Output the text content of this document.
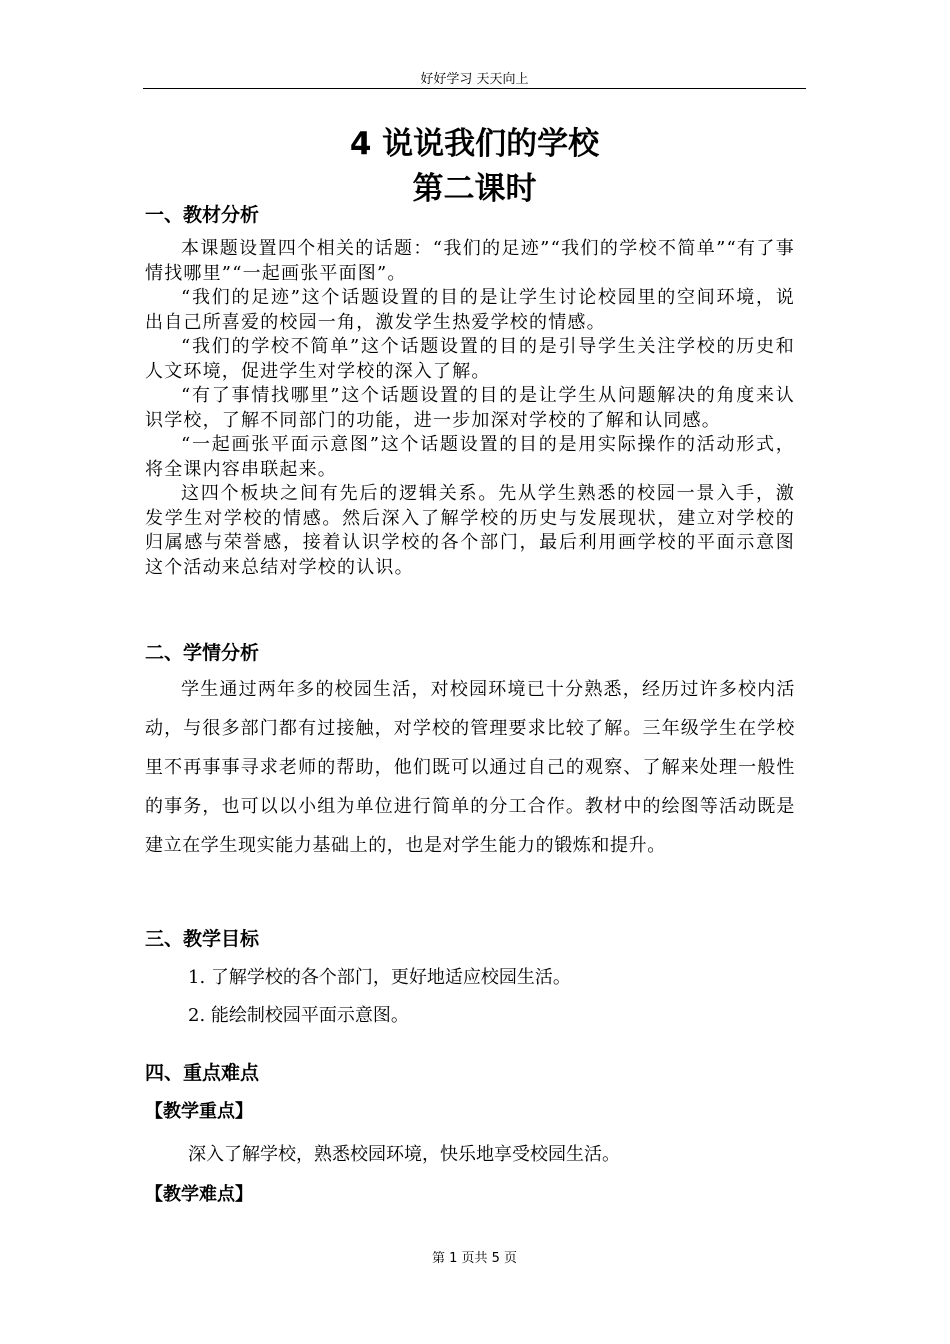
好好学习 天天向上
4 说说我们的学校
第二课时
一、教材分析

本课题设置四个相关的话题：“我们的足迹”“我们的学校不简单”“有了事情找哪里”“一起画张平面图”。

“我们的足迹”这个话题设置的目的是让学生讨论校园里的空间环境，说出自己所喜爱的校园一角，激发学生热爱学校的情感。

“我们的学校不简单”这个话题设置的目的是引导学生关注学校的历史和人文环境，促进学生对学校的深入了解。

“有了事情找哪里”这个话题设置的目的是让学生从问题解决的角度来认识学校，了解不同部门的功能，进一步加深对学校的了解和认同感。

“一起画张平面示意图”这个话题设置的目的是用实际操作的活动形式，将全课内容串联起来。

这四个板块之间有先后的逻辑关系。先从学生熟悉的校园一景入手，激发学生对学校的情感。然后深入了解学校的历史与发展现状，建立对学校的归属感与荣誉感，接着认识学校的各个部门，最后利用画学校的平面示意图这个活动来总结对学校的认识。

二、学情分析

学生通过两年多的校园生活，对校园环境已十分熟悉，经历过许多校内活动，与很多部门都有过接触，对学校的管理要求比较了解。三年级学生在学校里不再事事寻求老师的帮助，他们既可以通过自己的观察、了解来处理一般性的事务，也可以以小组为单位进行简单的分工合作。教材中的绘图等活动既是建立在学生现实能力基础上的，也是对学生能力的锻炼和提升。

三、教学目标
1. 了解学校的各个部门，更好地适应校园生活。
2. 能绘制校园平面示意图。
四、重点难点
【教学重点】
深入了解学校，熟悉校园环境，快乐地享受校园生活。
【教学难点】
第 1 页共 5 页
